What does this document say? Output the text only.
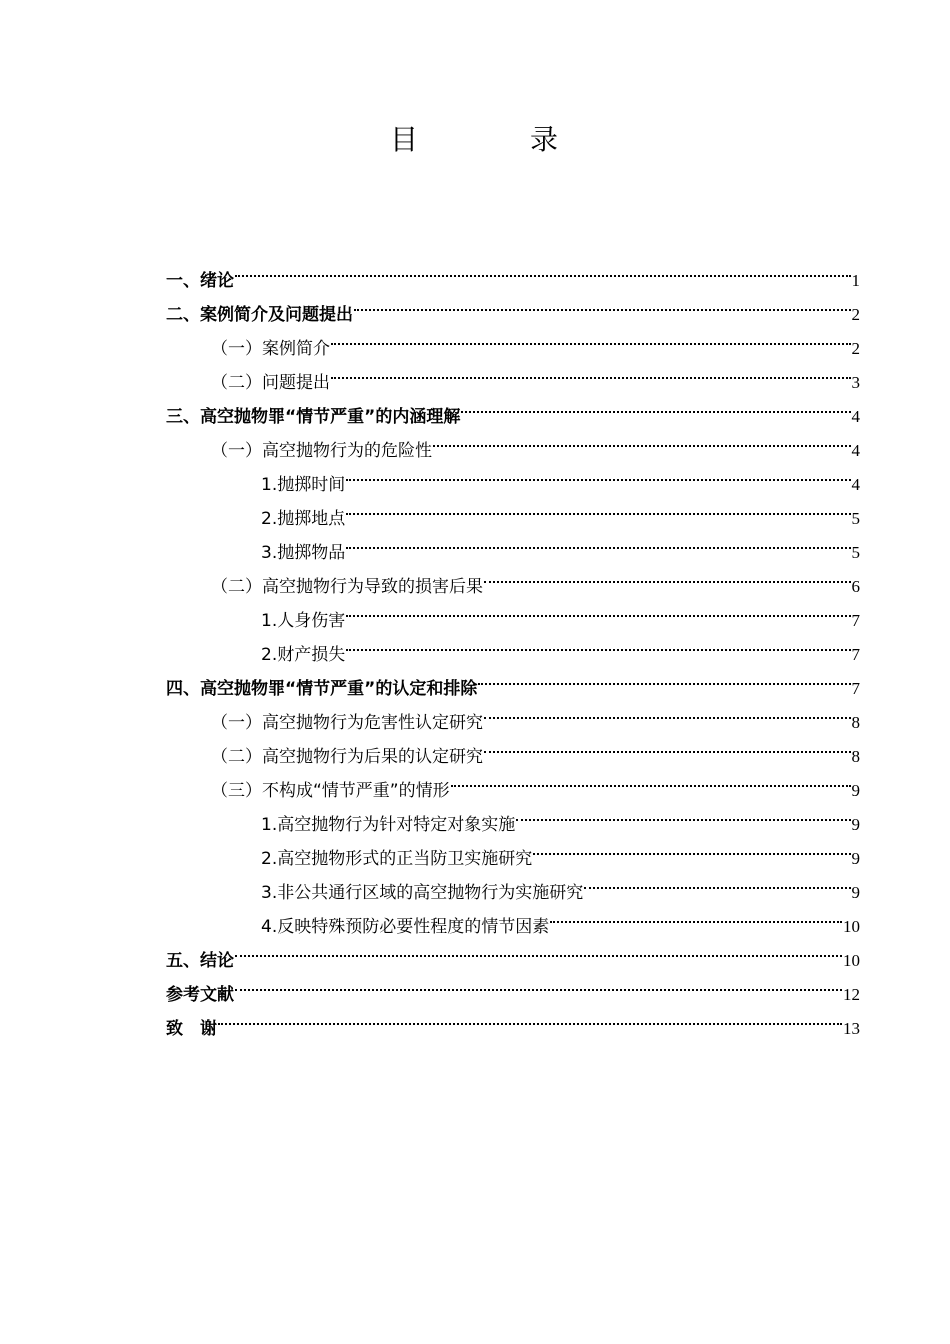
目　录
一、绪论	1
二、案例简介及问题提出	2
（一）案例简介	2
（二）问题提出	3
三、高空抛物罪“情节严重”的内涵理解	4
（一）高空抛物行为的危险性	4
1.抛掷时间	4
2.抛掷地点	5
3.抛掷物品	5
（二）高空抛物行为导致的损害后果	6
1.人身伤害	7
2.财产损失	7
四、高空抛物罪“情节严重”的认定和排除	7
（一）高空抛物行为危害性认定研究	8
（二）高空抛物行为后果的认定研究	8
（三）不构成“情节严重”的情形	9
1.高空抛物行为针对特定对象实施	9
2.高空抛物形式的正当防卫实施研究	9
3.非公共通行区域的高空抛物行为实施研究	9
4.反映特殊预防必要性程度的情节因素	10
五、结论	10
参考文献	12
致　谢	13
